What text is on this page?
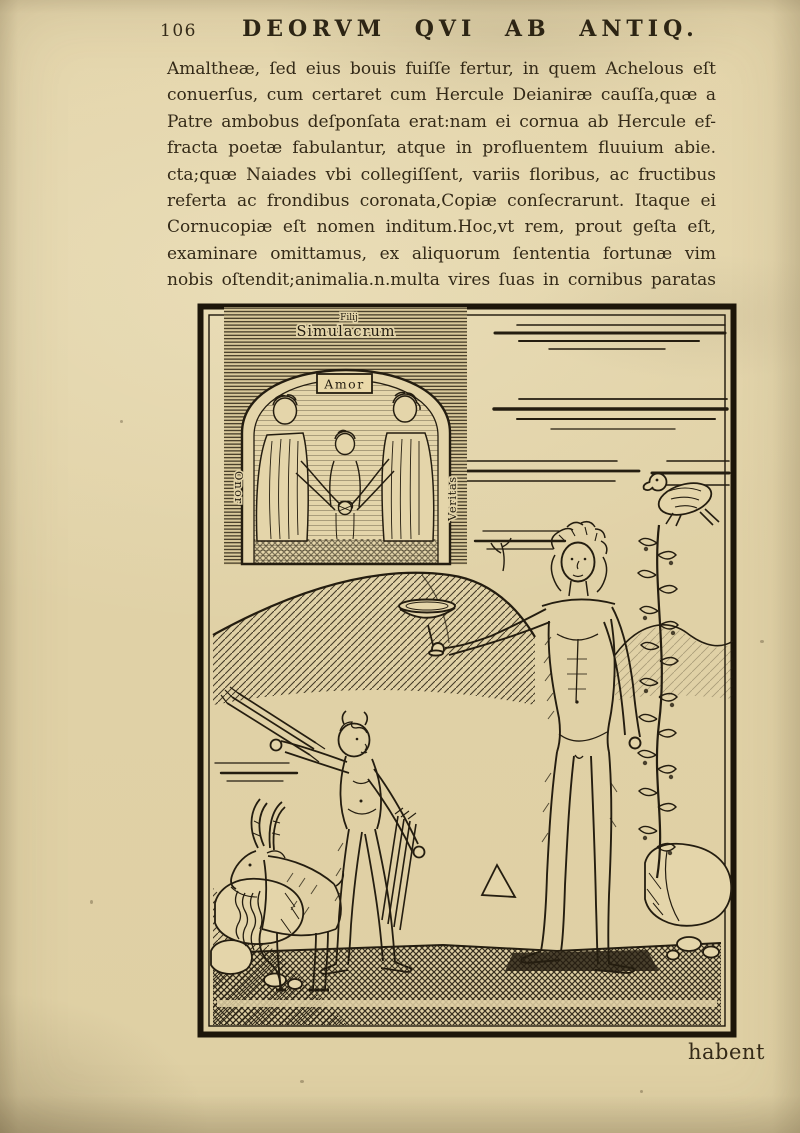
106	DEORVM QVI AB ANTIQ.
Amaltheæ, ſed eius bouis fuiſſe fertur, in quem Achelous eſt
conuerſus, cum certaret cum Hercule Deianiræ cauſſa,quæ a
Patre ambobus deſponſata erat:nam ei cornua ab Hercule ef-
fracta poetæ fabulantur, atque in profluentem fluuium abie.
cta;quæ Naiades vbi collegiſſent, variis floribus, ac fructibus
referta ac frondibus coronata,Copiæ conſecrarunt. Itaque ei
Cornucopiæ eſt nomen inditum.Hoc,vt rem, prout geſta eſt,
examinare omittamus, ex aliquorum ſententia fortunæ vim
nobis oſtendit;animalia.n.multa vires ſuas in cornibus paratas
Filij
Simulacrum
Amor
Onor	Veritas
habent
